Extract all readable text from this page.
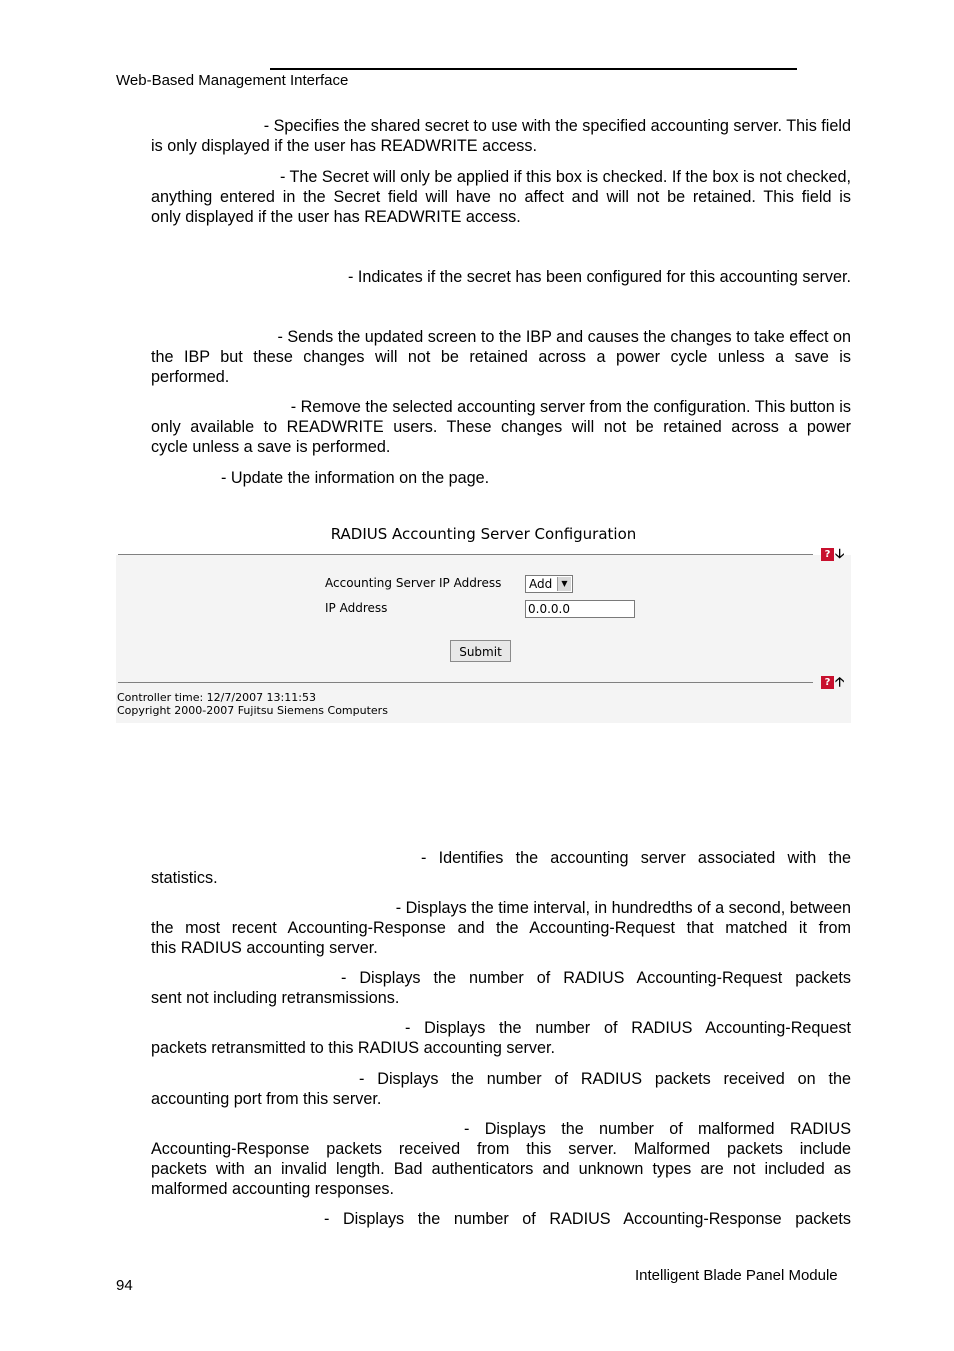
Web-Based Management Interface
- Specifies the shared secret to use with the specified accounting server. This field
is only displayed if the user has READWRITE access.
- The Secret will only be applied if this box is checked. If the box is not checked,
anything entered in the Secret field will have no affect and will not be retained. This field is
only displayed if the user has READWRITE access.
- Indicates if the secret has been configured for this accounting server.
- Sends the updated screen to the IBP and causes the changes to take effect on
the IBP but these changes will not be retained across a power cycle unless a save is
performed.
- Remove the selected accounting server from the configuration. This button is
only available to READWRITE users. These changes will not be retained across a power
cycle unless a save is performed.
- Update the information on the page.
RADIUS Accounting Server Configuration
? 🡣
Accounting Server IP Address Add	▼
IP Address	0.0.0.0
Submit
? 🡡
Controller time: 12/7/2007 13:11:53
Copyright 2000-2007 Fujitsu Siemens Computers
- Identifies the accounting server associated with the
statistics.
- Displays the time interval, in hundredths of a second, between
the most recent Accounting-Response and the Accounting-Request that matched it from
this RADIUS accounting server.
- Displays the number of RADIUS Accounting-Request packets
sent not including retransmissions.
- Displays the number of RADIUS Accounting-Request
packets retransmitted to this RADIUS accounting server.
- Displays the number of RADIUS packets received on the
accounting port from this server.
- Displays the number of malformed RADIUS
Accounting-Response packets received from this server. Malformed packets include
packets with an invalid length. Bad authenticators and unknown types are not included as
malformed accounting responses.
- Displays the number of RADIUS Accounting-Response packets
94
Intelligent Blade Panel Module
